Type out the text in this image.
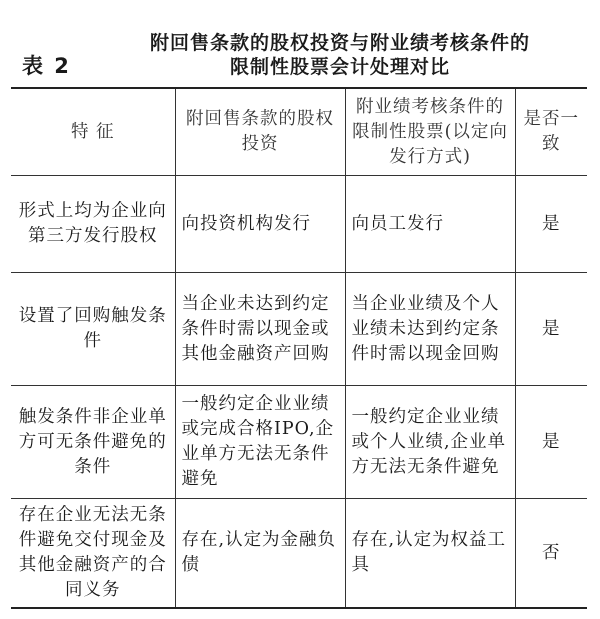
表 2
附回售条款的股权投资与附业绩考核条件的
限制性股票会计处理对比
特 征	附回售条款的股权投资	附业绩考核条件的限制性股票(以定向发行方式)	是否一致
形式上均为企业向第三方发行股权	向投资机构发行	向员工发行	是
设置了回购触发条件	当企业未达到约定条件时需以现金或其他金融资产回购	当企业业绩及个人业绩未达到约定条件时需以现金回购	是
触发条件非企业单方可无条件避免的条件	一般约定企业业绩或完成合格IPO,企业单方无法无条件避免	一般约定企业业绩或个人业绩,企业单方无法无条件避免	是
存在企业无法无条件避免交付现金及其他金融资产的合同义务	存在,认定为金融负债	存在,认定为权益工具	否
